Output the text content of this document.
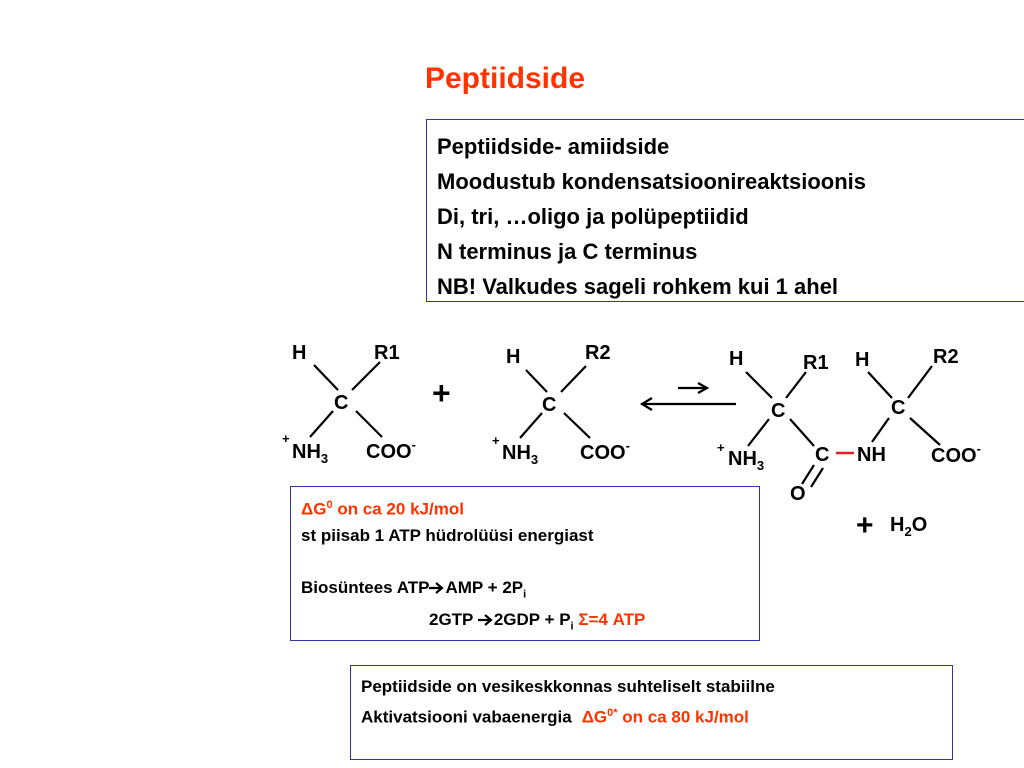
Peptiidside
Peptiidside- amiidside
Moodustub kondensatsioonireaktsioonis
Di, tri, …oligo ja polüpeptiidid
N terminus ja C terminus
NB! Valkudes sageli rohkem kui 1 ahel
H	R1
C
+
$NH_3$ COO-
+
H	R2
C
+
$NH_3$ COO-
H	R1 H	R2
C	C
+
$NH_3$	C NH COO-
O
+ $H_2O$
$\Delta G^0$ on ca 20 kJ/mol
st piisab 1 ATP hüdrolüüsi energiast
Biosüntees ATP AMP + $2P_i$
2GTP $2GDP + P_i$ Σ=4 ATP
Peptiidside on vesikeskkonnas suhteliselt stabiilne
Aktivatsiooni vabaenergia $\Delta G^{0*}$ on ca 80 kJ/mol
